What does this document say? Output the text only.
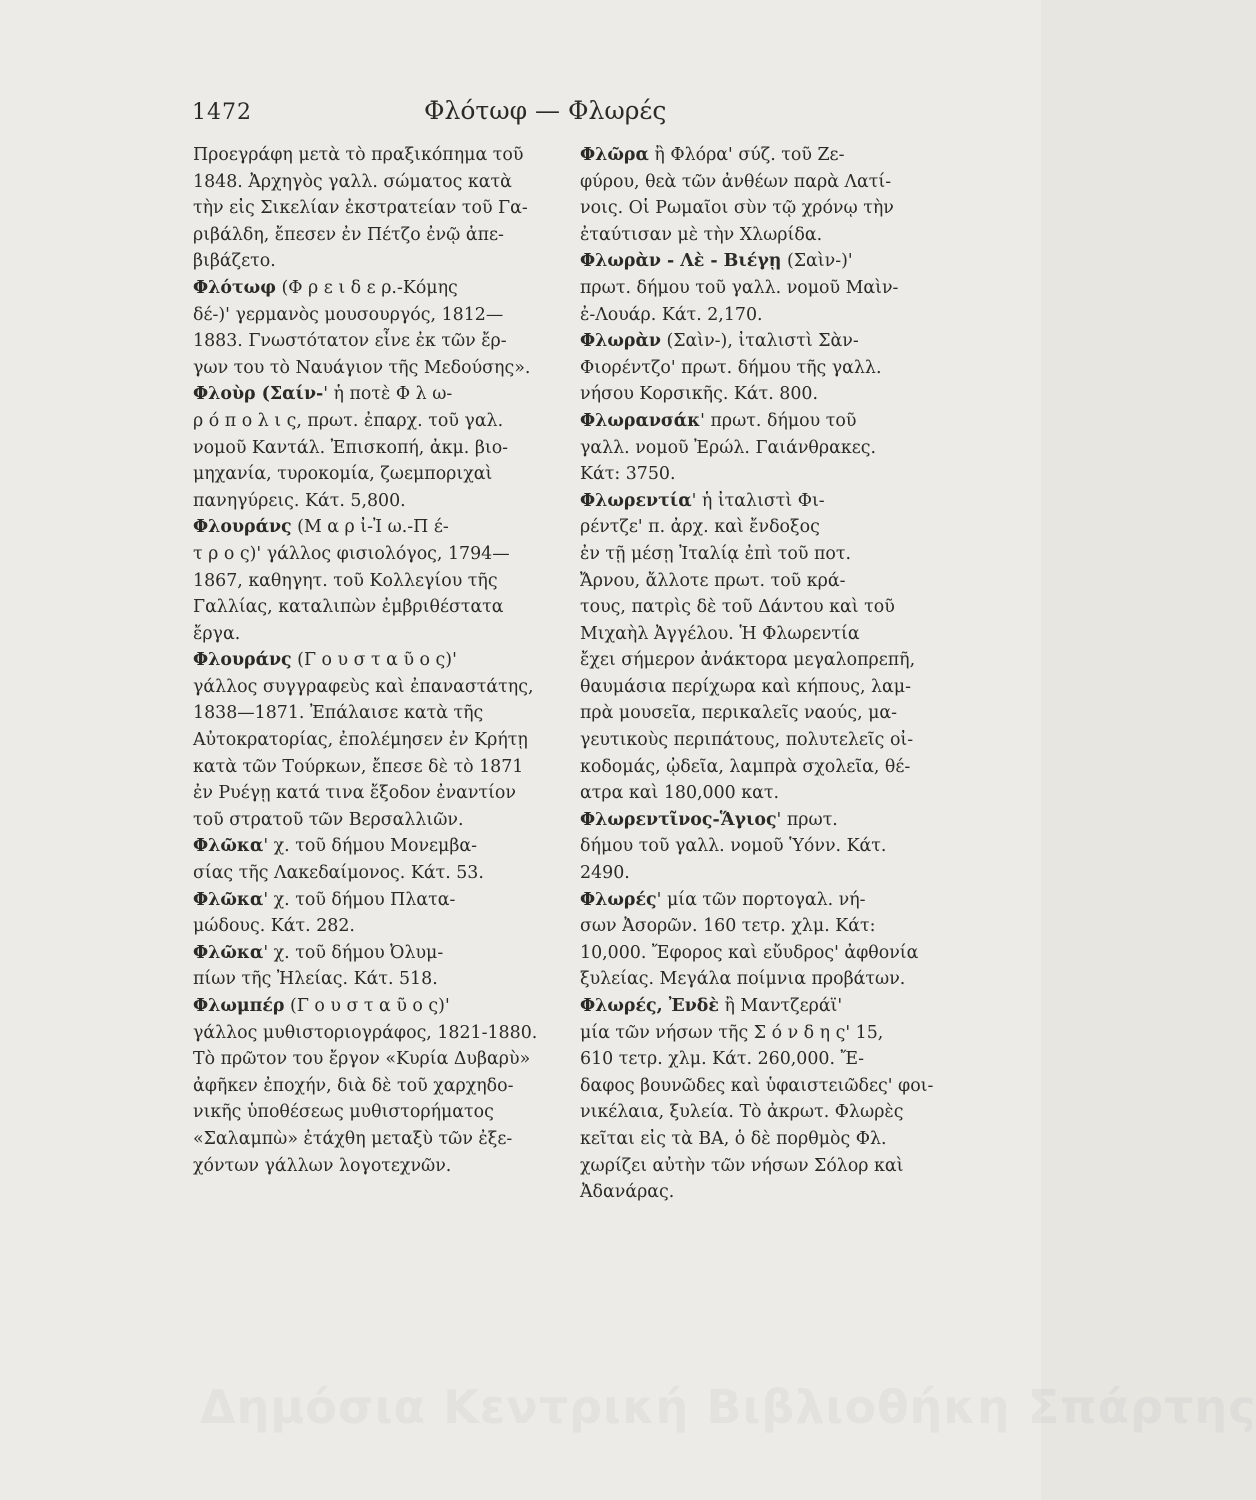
1472	Φλότωφ — Φλωρές

Προεγράφη μετὰ τὸ πραξικόπημα τοῦ
1848. Ἀρχηγὸς γαλλ. σώματος κατὰ
τὴν εἰς Σικελίαν ἐκστρατείαν τοῦ Γα-
ριβάλδη, ἔπεσεν ἐν Πέτζο ἐνῷ ἀπε-
βιβάζετο.

Φλότωφ (Φ ρ ε ι δ ε ρ.-Κόμης
δέ-)' γερμανὸς μουσουργός, 1812—
1883. Γνωστότατον εἶνε ἐκ τῶν ἔρ-
γων του τὸ Ναυάγιον τῆς Μεδούσης».

Φλοὺρ (Σαίν-' ἡ ποτὲ Φ λ ω-
ρ ό π ο λ ι ς, πρωτ. ἐπαρχ. τοῦ γαλ.
νομοῦ Καντάλ. Ἐπισκοπή, ἀκμ. βιο-
μηχανία, τυροκομία, ζωεμποριχαὶ
πανηγύρεις. Κάτ. 5,800.

Φλουράνς (Μ α ρ ἰ-Ἰ ω.-Π έ-
τ ρ ο ς)' γάλλος φισιολόγος, 1794—
1867, καθηγητ. τοῦ Κολλεγίου τῆς
Γαλλίας, καταλιπὼν ἐμβριθέστατα
ἔργα.

Φλουράνς (Γ ο υ σ τ α ῦ ο ς)'
γάλλος συγγραφεὺς καὶ ἐπαναστάτης,
1838—1871. Ἐπάλαισε κατὰ τῆς
Αὐτοκρατορίας, ἐπολέμησεν ἐν Κρήτῃ
κατὰ τῶν Τούρκων, ἔπεσε δὲ τὸ 1871
ἐν Ρυέγῃ κατά τινα ἔξοδον ἐναντίον
τοῦ στρατοῦ τῶν Βερσαλλιῶν.

Φλῶκα' χ. τοῦ δήμου Μονεμβα-
σίας τῆς Λακεδαίμονος. Κάτ. 53.

Φλῶκα' χ. τοῦ δήμου Πλατα-
μώδους. Κάτ. 282.

Φλῶκα' χ. τοῦ δήμου Ὀλυμ-
πίων τῆς Ἠλείας. Κάτ. 518.

Φλωμπέρ (Γ ο υ σ τ α ῦ ο ς)'
γάλλος μυθιστοριογράφος, 1821-1880.
Τὸ πρῶτον του ἔργον «Κυρία Δυβαρὺ»
ἀφῆκεν ἐποχήν, διὰ δὲ τοῦ χαρχηδο-
νικῆς ὑποθέσεως μυθιστορήματος
«Σαλαμπὼ» ἐτάχθη μεταξὺ τῶν ἐξε-
χόντων γάλλων λογοτεχνῶν.

Φλῶρα ἢ Φλόρα' σύζ. τοῦ Ζε-
φύρου, θεὰ τῶν ἀνθέων παρὰ Λατί-
νοις. Οἱ Ρωμαῖοι σὺν τῷ χρόνῳ τὴν
ἐταύτισαν μὲ τὴν Χλωρίδα.

Φλωρὰν - Λὲ - Βιέγῃ (Σαὶν-)'
πρωτ. δήμου τοῦ γαλλ. νομοῦ Μαὶν-
ἐ-Λουάρ. Κάτ. 2,170.

Φλωρὰν (Σαὶν-), ἰταλιστὶ Σὰν-
Φιορέντζο' πρωτ. δήμου τῆς γαλλ.
νήσου Κορσικῆς. Κάτ. 800.

Φλωρανσάκ' πρωτ. δήμου τοῦ
γαλλ. νομοῦ Ἐρώλ. Γαιάνθρακες.
Κάτ: 3750.

Φλωρεντία' ἡ ἰταλιστὶ Φι-
ρέντζε' π. ἀρχ. καὶ ἔνδοξος
ἐν τῇ μέσῃ Ἰταλίᾳ ἐπὶ τοῦ ποτ.
Ἄρνου, ἄλλοτε πρωτ. τοῦ κρά-
τους, πατρὶς δὲ τοῦ Δάντου καὶ τοῦ
Μιχαὴλ Ἀγγέλου. Ἡ Φλωρεντία
ἔχει σήμερον ἀνάκτορα μεγαλοπρεπῆ,
θαυμάσια περίχωρα καὶ κήπους, λαμ-
πρὰ μουσεῖα, περικαλεῖς ναούς, μα-
γευτικοὺς περιπάτους, πολυτελεῖς οἰ-
κοδομάς, ᾠδεῖα, λαμπρὰ σχολεῖα, θέ-
ατρα καὶ 180,000 κατ.

Φλωρεντῖνος-Ἅγιος' πρωτ.
δήμου τοῦ γαλλ. νομοῦ Ὑόνν. Κάτ.
2490.

Φλωρές' μία τῶν πορτογαλ. νή-
σων Ἀσορῶν. 160 τετρ. χλμ. Κάτ:
10,000. Ἔφορος καὶ εὔυδρος' ἀφθονία
ξυλείας. Μεγάλα ποίμνια προβάτων.

Φλωρές, Ἐνδὲ ἢ Μαντζεράϊ'
μία τῶν νήσων τῆς Σ ό ν δ η ς' 15,
610 τετρ. χλμ. Κάτ. 260,000. Ἔ-
δαφος βουνῶδες καὶ ὑφαιστειῶδες' φοι-
νικέλαια, ξυλεία. Τὸ ἀκρωτ. Φλωρὲς
κεῖται εἰς τὰ ΒΑ, ὁ δὲ πορθμὸς Φλ.
χωρίζει αὐτὴν τῶν νήσων Σόλορ καὶ
Ἀδανάρας.

Δημόσια Κεντρική Βιβλιοθήκη Σπάρτης
